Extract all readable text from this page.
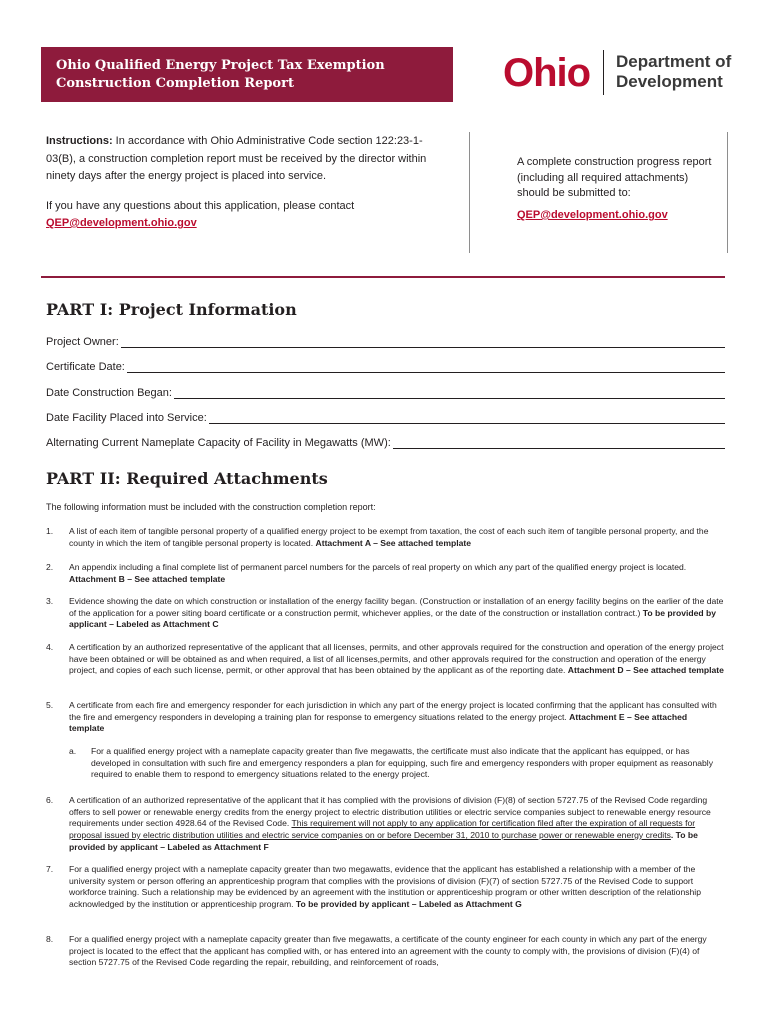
Ohio Qualified Energy Project Tax Exemption
Construction Completion Report	Ohio Department of
Development

Instructions: In accordance with Ohio Administrative Code section 122:23-1-03(B), a construction completion report must be received by the director within ninety days after the energy project is placed into service.

If you have any questions about this application, please contact
QEP@development.ohio.gov

A complete construction progress report (including all required attachments) should be submitted to:
QEP@development.ohio.gov
PART I: Project Information
Project Owner:
Certificate Date:
Date Construction Began:
Date Facility Placed into Service:
Alternating Current Nameplate Capacity of Facility in Megawatts (MW):
PART II: Required Attachments
The following information must be included with the construction completion report:
1. A list of each item of tangible personal property of a qualified energy project to be exempt from taxation, the cost of each such item of tangible personal property, and the county in which the item of tangible personal property is located. Attachment A – See attached template
2. An appendix including a final complete list of permanent parcel numbers for the parcels of real property on which any part of the qualified energy project is located. Attachment B – See attached template
3. Evidence showing the date on which construction or installation of the energy facility began. (Construction or installation of an energy facility begins on the earlier of the date of the application for a power siting board certificate or a construction permit, whichever applies, or the date of the construction or installation contract.) To be provided by applicant – Labeled as Attachment C
4. A certification by an authorized representative of the applicant that all licenses, permits, and other approvals required for the construction and operation of the energy project have been obtained or will be obtained as and when required, a list of all licenses,permits, and other approvals required for the construction and operation of the energy project, and copies of each such license, permit, or other approval that has been obtained by the applicant as of the reporting date. Attachment D – See attached template
5. A certificate from each fire and emergency responder for each jurisdiction in which any part of the energy project is located confirming that the applicant has consulted with the fire and emergency responders in developing a training plan for response to emergency situations related to the energy project. Attachment E – See attached template
a. For a qualified energy project with a nameplate capacity greater than five megawatts, the certificate must also indicate that the applicant has equipped, or has developed in consultation with such fire and emergency responders a plan for equipping, such fire and emergency responders with proper equipment as reasonably required to enable them to respond to emergency situations related to the energy project.
6. A certification of an authorized representative of the applicant that it has complied with the provisions of division (F)(8) of section 5727.75 of the Revised Code regarding offers to sell power or renewable energy credits from the energy project to electric distribution utilities or electric service companies subject to renewable energy resource requirements under section 4928.64 of the Revised Code. This requirement will not apply to any application for certification filed after the expiration of all requests for proposal issued by electric distribution utilities and electric service companies on or before December 31, 2010 to purchase power or renewable energy credits. To be provided by applicant – Labeled as Attachment F
7. For a qualified energy project with a nameplate capacity greater than two megawatts, evidence that the applicant has established a relationship with a member of the university system or person offering an apprenticeship program that complies with the provisions of division (F)(7) of section 5727.75 of the Revised Code to support workforce training. Such a relationship may be evidenced by an agreement with the institution or apprenticeship program or other written description of the relationship acknowledged by the institution or apprenticeship program. To be provided by applicant – Labeled as Attachment G
8. For a qualified energy project with a nameplate capacity greater than five megawatts, a certificate of the county engineer for each county in which any part of the energy project is located to the effect that the applicant has complied with, or has entered into an agreement with the county to comply with, the provisions of division (F)(4) of section 5727.75 of the Revised Code regarding the repair, rebuilding, and reinforcement of roads,
